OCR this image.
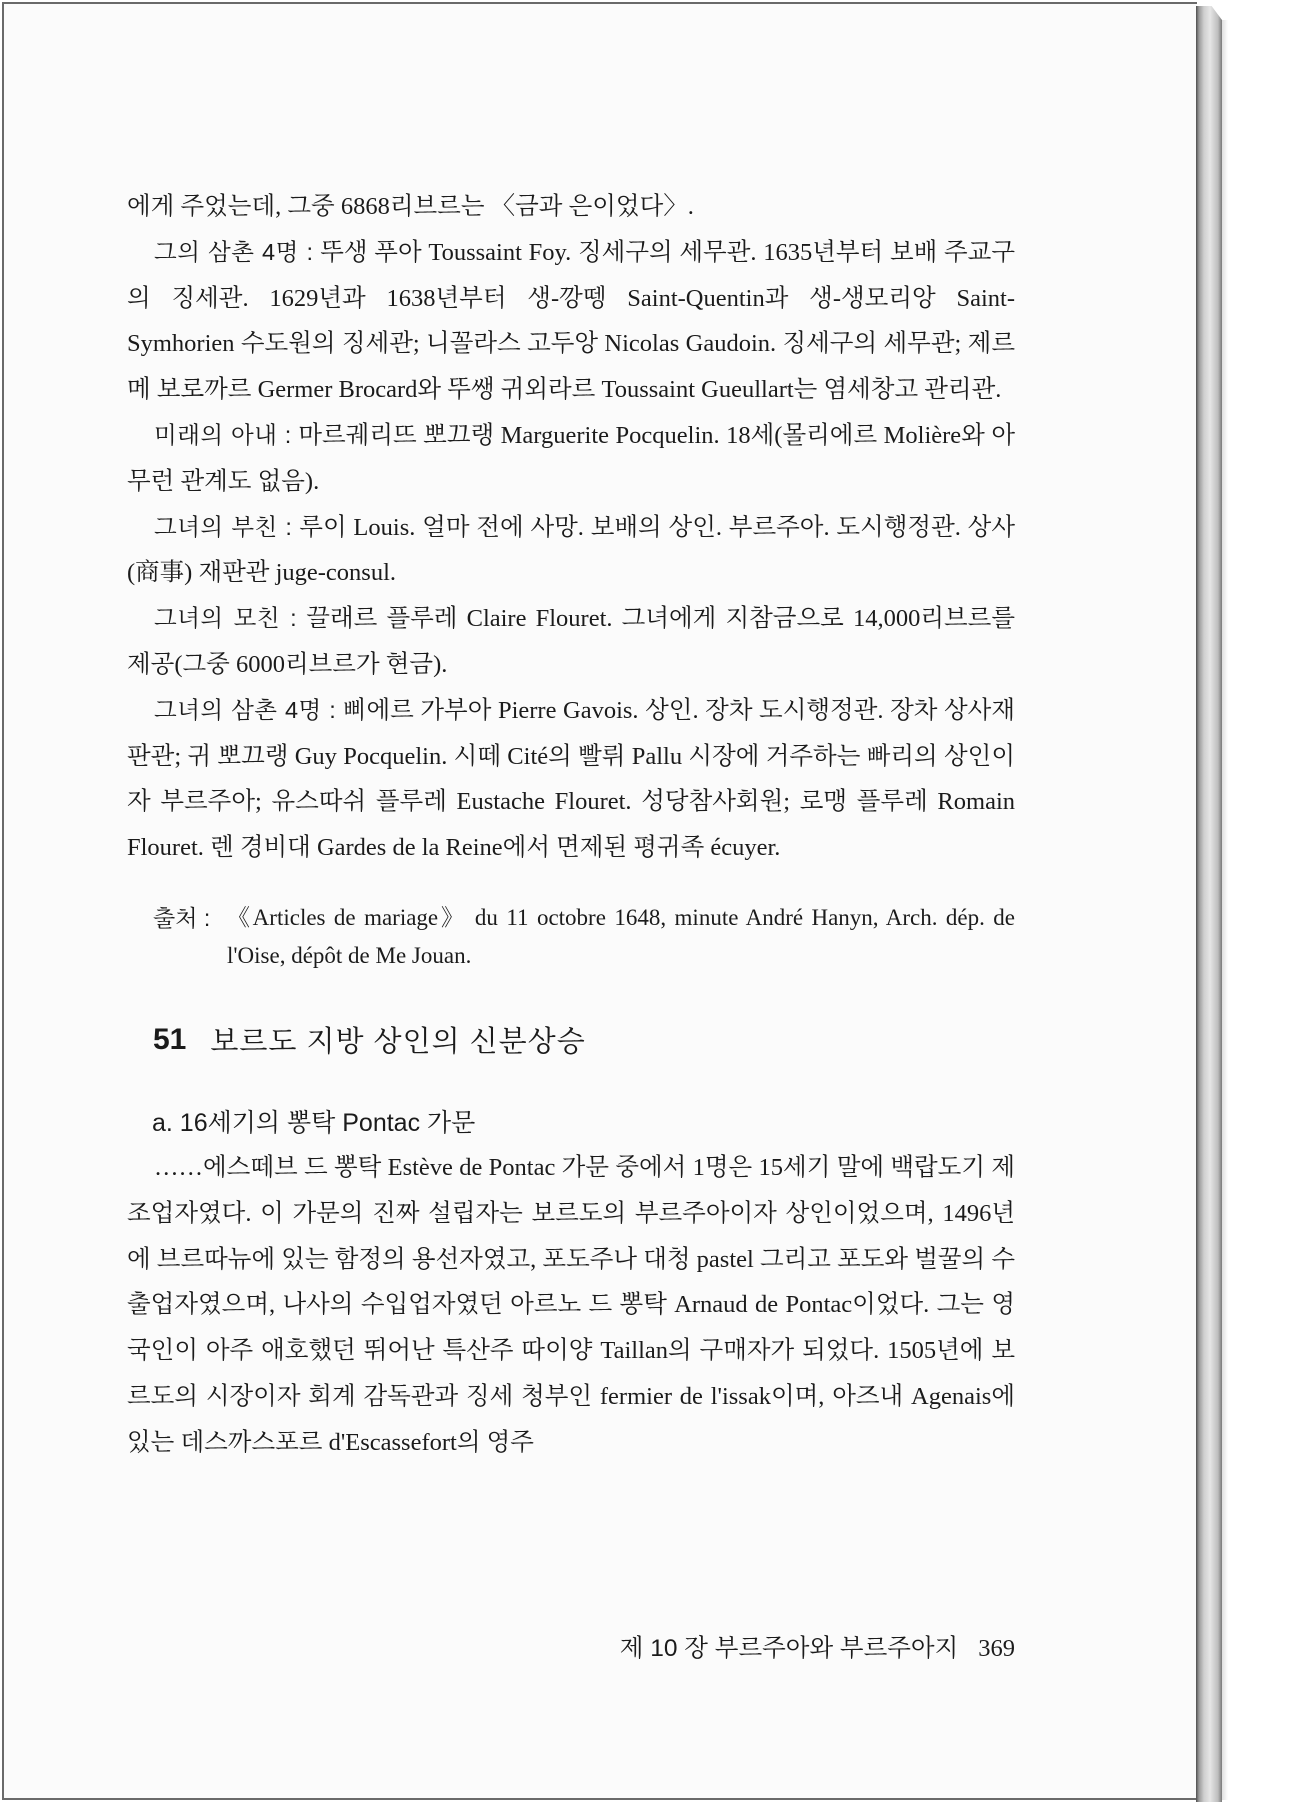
에게 주었는데, 그중 6868리브르는 〈금과 은이었다〉.

그의 삼촌 4명 : 뚜생 푸아 Toussaint Foy. 징세구의 세무관. 1635년부터 보배 주교구의 징세관. 1629년과 1638년부터 생-깡뗑 Saint-Quentin과 생-생모리앙 Saint-Symhorien 수도원의 징세관; 니꼴라스 고두앙 Nicolas Gaudoin. 징세구의 세무관; 제르메 보로까르 Germer Brocard와 뚜쌩 귀외라르 Toussaint Gueullart는 염세창고 관리관.

미래의 아내 : 마르궤리뜨 뽀끄랭 Marguerite Pocquelin. 18세(몰리에르 Molière와 아무런 관계도 없음).

그녀의 부친 : 루이 Louis. 얼마 전에 사망. 보배의 상인. 부르주아. 도시행정관. 상사(商事) 재판관 juge-consul.

그녀의 모친 : 끌래르 플루레 Claire Flouret. 그녀에게 지참금으로 14,000리브르를 제공(그중 6000리브르가 현금).

그녀의 삼촌 4명 : 삐에르 가부아 Pierre Gavois. 상인. 장차 도시행정관. 장차 상사재판관; 귀 뽀끄랭 Guy Pocquelin. 시떼 Cité의 빨뤼 Pallu 시장에 거주하는 빠리의 상인이자 부르주아; 유스따쉬 플루레 Eustache Flouret. 성당참사회원; 로맹 플루레 Romain Flouret. 렌 경비대 Gardes de la Reine에서 면제된 평귀족 écuyer.

출처 : 《Articles de mariage》 du 11 octobre 1648, minute André Hanyn, Arch. dép. de l'Oise, dépôt de Me Jouan.
51 보르도 지방 상인의 신분상승
a. 16세기의 뽕탁 Pontac 가문

……에스떼브 드 뽕탁 Estève de Pontac 가문 중에서 1명은 15세기 말에 백랍도기 제조업자였다. 이 가문의 진짜 설립자는 보르도의 부르주아이자 상인이었으며, 1496년에 브르따뉴에 있는 함정의 용선자였고, 포도주나 대청 pastel 그리고 포도와 벌꿀의 수출업자였으며, 나사의 수입업자였던 아르노 드 뽕탁 Arnaud de Pontac이었다. 그는 영국인이 아주 애호했던 뛰어난 특산주 따이양 Taillan의 구매자가 되었다. 1505년에 보르도의 시장이자 회계 감독관과 징세 청부인 fermier de l'issak이며, 아즈내 Agenais에 있는 데스까스포르 d'Escassefort의 영주

제 10 장 부르주아와 부르주아지 369
